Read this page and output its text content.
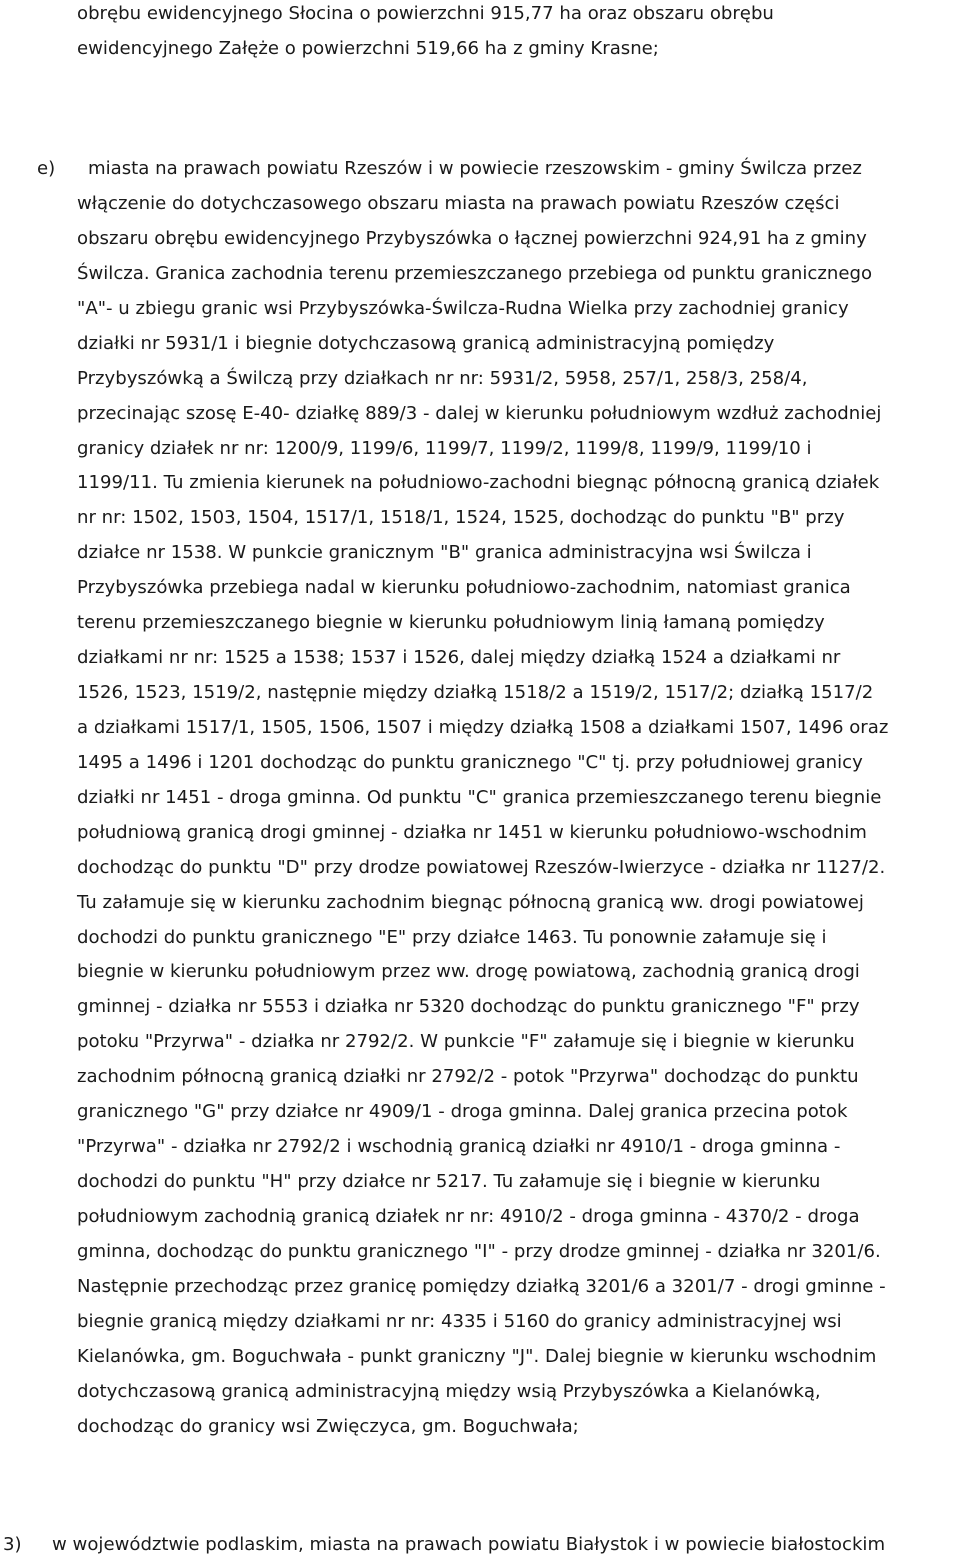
obrębu ewidencyjnego Słocina o powierzchni 915,77 ha oraz obszaru obrębu
ewidencyjnego Załęże o powierzchni 519,66 ha z gminy Krasne;
e) miasta na prawach powiatu Rzeszów i w powiecie rzeszowskim - gminy Świlcza przez
włączenie do dotychczasowego obszaru miasta na prawach powiatu Rzeszów części
obszaru obrębu ewidencyjnego Przybyszówka o łącznej powierzchni 924,91 ha z gminy
Świlcza. Granica zachodnia terenu przemieszczanego przebiega od punktu granicznego
"A"- u zbiegu granic wsi Przybyszówka-Świlcza-Rudna Wielka przy zachodniej granicy
działki nr 5931/1 i biegnie dotychczasową granicą administracyjną pomiędzy
Przybyszówką a Świlczą przy działkach nr nr: 5931/2, 5958, 257/1, 258/3, 258/4,
przecinając szosę E-40- działkę 889/3 - dalej w kierunku południowym wzdłuż zachodniej
granicy działek nr nr: 1200/9, 1199/6, 1199/7, 1199/2, 1199/8, 1199/9, 1199/10 i
1199/11. Tu zmienia kierunek na południowo-zachodni biegnąc północną granicą działek
nr nr: 1502, 1503, 1504, 1517/1, 1518/1, 1524, 1525, dochodząc do punktu "B" przy
działce nr 1538. W punkcie granicznym "B" granica administracyjna wsi Świlcza i
Przybyszówka przebiega nadal w kierunku południowo-zachodnim, natomiast granica
terenu przemieszczanego biegnie w kierunku południowym linią łamaną pomiędzy
działkami nr nr: 1525 a 1538; 1537 i 1526, dalej między działką 1524 a działkami nr
1526, 1523, 1519/2, następnie między działką 1518/2 a 1519/2, 1517/2; działką 1517/2
a działkami 1517/1, 1505, 1506, 1507 i między działką 1508 a działkami 1507, 1496 oraz
1495 a 1496 i 1201 dochodząc do punktu granicznego "C" tj. przy południowej granicy
działki nr 1451 - droga gminna. Od punktu "C" granica przemieszczanego terenu biegnie
południową granicą drogi gminnej - działka nr 1451 w kierunku południowo-wschodnim
dochodząc do punktu "D" przy drodze powiatowej Rzeszów-Iwierzyce - działka nr 1127/2.
Tu załamuje się w kierunku zachodnim biegnąc północną granicą ww. drogi powiatowej
dochodzi do punktu granicznego "E" przy działce 1463. Tu ponownie załamuje się i
biegnie w kierunku południowym przez ww. drogę powiatową, zachodnią granicą drogi
gminnej - działka nr 5553 i działka nr 5320 dochodząc do punktu granicznego "F" przy
potoku "Przyrwa" - działka nr 2792/2. W punkcie "F" załamuje się i biegnie w kierunku
zachodnim północną granicą działki nr 2792/2 - potok "Przyrwa" dochodząc do punktu
granicznego "G" przy działce nr 4909/1 - droga gminna. Dalej granica przecina potok
"Przyrwa" - działka nr 2792/2 i wschodnią granicą działki nr 4910/1 - droga gminna -
dochodzi do punktu "H" przy działce nr 5217. Tu załamuje się i biegnie w kierunku
południowym zachodnią granicą działek nr nr: 4910/2 - droga gminna - 4370/2 - droga
gminna, dochodząc do punktu granicznego "I" - przy drodze gminnej - działka nr 3201/6.
Następnie przechodząc przez granicę pomiędzy działką 3201/6 a 3201/7 - drogi gminne -
biegnie granicą między działkami nr nr: 4335 i 5160 do granicy administracyjnej wsi
Kielanówka, gm. Boguchwała - punkt graniczny "J". Dalej biegnie w kierunku wschodnim
dotychczasową granicą administracyjną między wsią Przybyszówka a Kielanówką,
dochodząc do granicy wsi Zwięczyca, gm. Boguchwała;
3) w województwie podlaskim, miasta na prawach powiatu Białystok i w powiecie białostockim
